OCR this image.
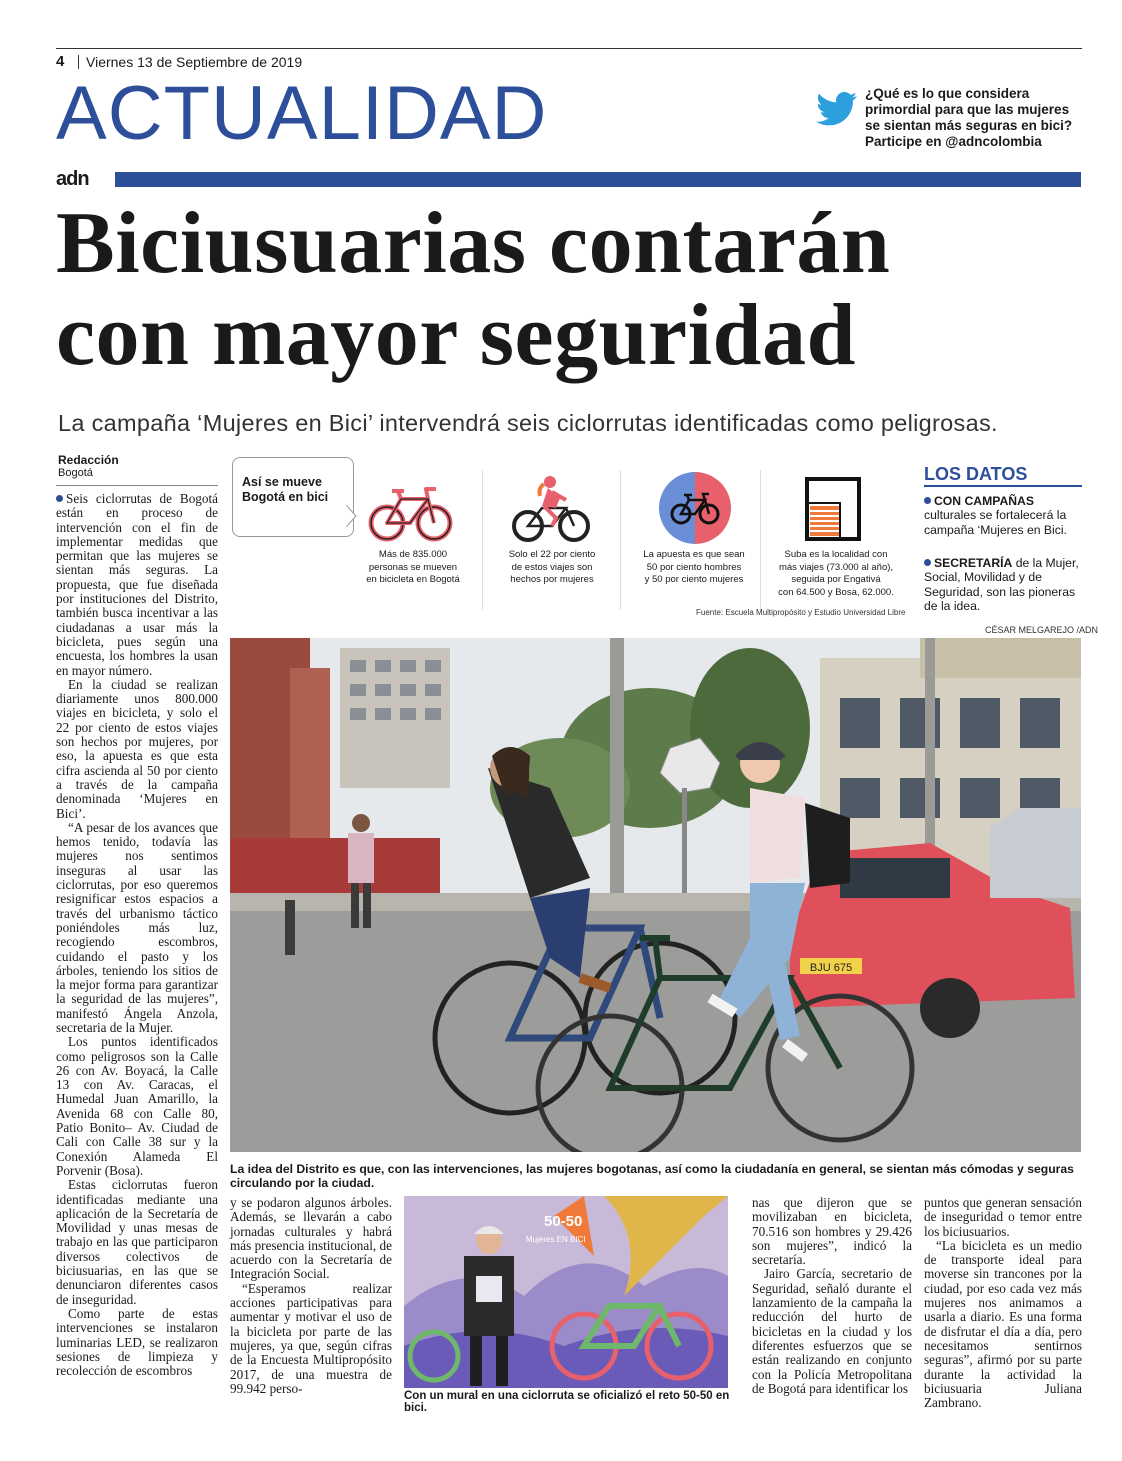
4 Viernes 13 de Septiembre de 2019
ACTUALIDAD	¿Qué es lo que considera
primordial para que las mujeres
se sientan más seguras en bici?
Participe en @adncolombia
adn
Biciusuarias contarán
con mayor seguridad
La campaña ‘Mujeres en Bici’ intervendrá seis ciclorrutas identificadas como peligrosas.
Redacción
Bogotá

Seis ciclorrutas de Bogotá están en proceso de intervención con el fin de implementar medidas que permitan que las mujeres se sientan más seguras. La propuesta, que fue diseñada por instituciones del Distrito, también busca incentivar a las ciudadanas a usar más la bicicleta, pues según una encuesta, los hombres la usan en mayor número.

En la ciudad se realizan diariamente unos 800.000 viajes en bicicleta, y solo el 22 por ciento de estos viajes son hechos por mujeres, por eso, la apuesta es que esta cifra ascienda al 50 por ciento a través de la campaña denominada ‘Mujeres en Bici’.

“A pesar de los avances que hemos tenido, todavía las mujeres nos sentimos inseguras al usar las ciclorrutas, por eso queremos resignificar estos espacios a través del urbanismo táctico poniéndoles más luz, recogiendo escombros, cuidando el pasto y los árboles, teniendo los sitios de la mejor forma para garantizar la seguridad de las mujeres”, manifestó Ángela Anzola, secretaria de la Mujer.

Los puntos identificados como peligrosos son la Calle 26 con Av. Boyacá, la Calle 13 con Av. Caracas, el Humedal Juan Amarillo, la Avenida 68 con Calle 80, Patio Bonito– Av. Ciudad de Cali con Calle 38 sur y la Conexión Alameda El Porvenir (Bosa).

Estas ciclorrutas fueron identificadas mediante una aplicación de la Secretaría de Movilidad y unas mesas de trabajo en las que participaron diversos colectivos de biciusuarias, en las que se denunciaron diferentes casos de inseguridad.

Como parte de estas intervenciones se instalaron luminarias LED, se realizaron sesiones de limpieza y recolección de escombros

Así se mueve
Bogotá en bici
Más de 835.000
personas se mueven
en bicicleta en Bogotá
Solo el 22 por ciento
de estos viajes son
hechos por mujeres
La apuesta es que sean
50 por ciento hombres
y 50 por ciento mujeres
Suba es la localidad con
más viajes (73.000 al año),
seguida por Engativá
con 64.500 y Bosa, 62.000.
Fuente: Escuela Multipropósito y Estudio Universidad Libre
LOS DATOS
CON CAMPAÑAS culturales se fortalecerá la campaña ‘Mujeres en Bici.
SECRETARÍA de la Mujer, Social, Movilidad y de Seguridad, son las pioneras de la idea.
CÉSAR MELGAREJO /ADN
BJU 675
La idea del Distrito es que, con las intervenciones, las mujeres bogotanas, así como la ciudadanía en general, se sientan más cómodas y seguras circulando por la ciudad.

y se podaron algunos árboles. Además, se llevarán a cabo jornadas culturales y habrá más presencia institucional, de acuerdo con la Secretaría de Integración Social.

“Esperamos realizar acciones participativas para aumentar y motivar el uso de la bicicleta por parte de las mujeres, ya que, según cifras de la Encuesta Multipropósito 2017, de una muestra de 99.942 perso-

50-50
Mujeres EN BICI
Con un mural en una ciclorruta se oficializó el reto 50-50 en bici.

nas que dijeron que se movilizaban en bicicleta, 70.516 son hombres y 29.426 son mujeres”, indicó la secretaría.

Jairo García, secretario de Seguridad, señaló durante el lanzamiento de la campaña la reducción del hurto de bicicletas en la ciudad y los diferentes esfuerzos que se están realizando en conjunto con la Policía Metropolitana de Bogotá para identificar los

puntos que generan sensación de inseguridad o temor entre los biciusuarios.

“La bicicleta es un medio de transporte ideal para moverse sin trancones por la ciudad, por eso cada vez más mujeres nos animamos a usarla a diario. Es una forma de disfrutar el día a día, pero necesitamos sentirnos seguras”, afirmó por su parte durante la actividad la biciusuaria Juliana Zambrano.
